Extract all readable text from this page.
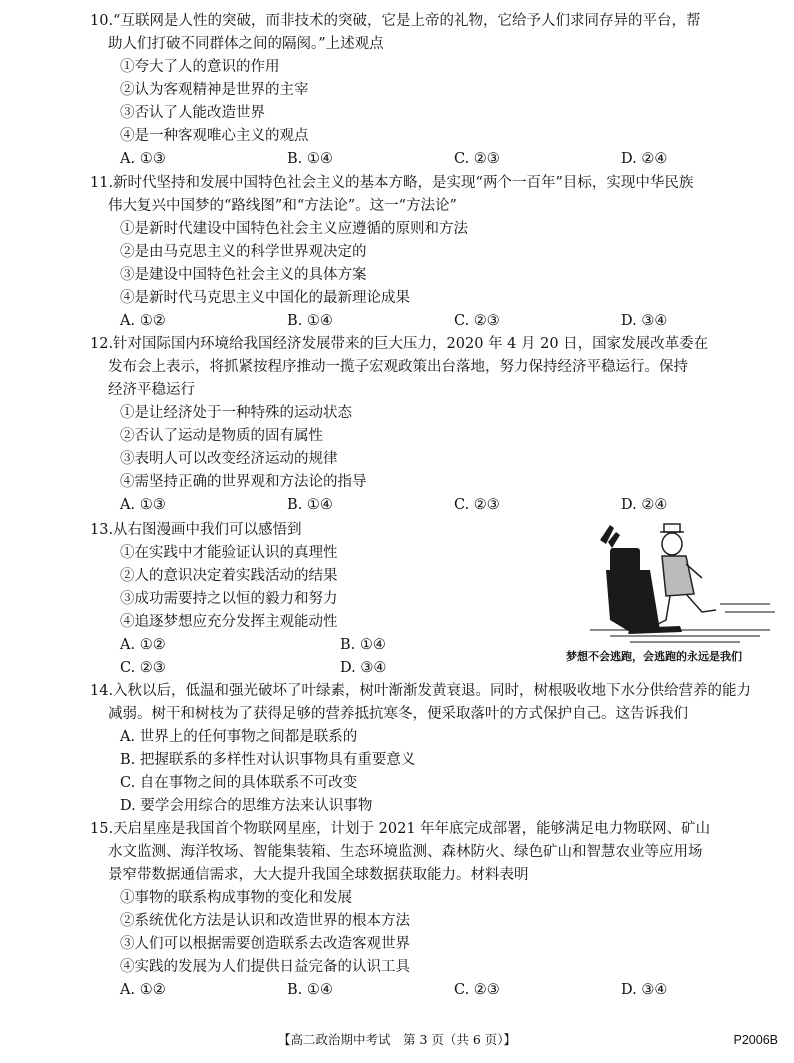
10.“互联网是人性的突破，而非技术的突破，它是上帝的礼物，它给予人们求同存异的平台，帮
助人们打破不同群体之间的隔阂。”上述观点
①夸大了人的意识的作用
②认为客观精神是世界的主宰
③否认了人能改造世界
④是一种客观唯心主义的观点
A. ①③	B. ①④	C. ②③	D. ②④
11.新时代坚持和发展中国特色社会主义的基本方略，是实现“两个一百年”目标，实现中华民族
伟大复兴中国梦的“路线图”和“方法论”。这一“方法论”
①是新时代建设中国特色社会主义应遵循的原则和方法
②是由马克思主义的科学世界观决定的
③是建设中国特色社会主义的具体方案
④是新时代马克思主义中国化的最新理论成果
A. ①②	B. ①④	C. ②③	D. ③④
12.针对国际国内环境给我国经济发展带来的巨大压力，2020 年 4 月 20 日，国家发展改革委在
发布会上表示，将抓紧按程序推动一揽子宏观政策出台落地，努力保持经济平稳运行。保持
经济平稳运行
①是让经济处于一种特殊的运动状态
②否认了运动是物质的固有属性
③表明人可以改变经济运动的规律
④需坚持正确的世界观和方法论的指导
A. ①③	B. ①④	C. ②③	D. ②④
13.从右图漫画中我们可以感悟到
①在实践中才能验证认识的真理性
②人的意识决定着实践活动的结果
③成功需要持之以恒的毅力和努力
④追逐梦想应充分发挥主观能动性
A. ①②	B. ①④
C. ②③	D. ③④
梦想不会逃跑，会逃跑的永远是我们
14.入秋以后，低温和强光破坏了叶绿素，树叶渐渐发黄衰退。同时，树根吸收地下水分供给营养的能力
减弱。树干和树枝为了获得足够的营养抵抗寒冬，便采取落叶的方式保护自己。这告诉我们
A. 世界上的任何事物之间都是联系的
B. 把握联系的多样性对认识事物具有重要意义
C. 自在事物之间的具体联系不可改变
D. 要学会用综合的思维方法来认识事物
15.天启星座是我国首个物联网星座，计划于 2021 年年底完成部署，能够满足电力物联网、矿山
水文监测、海洋牧场、智能集装箱、生态环境监测、森林防火、绿色矿山和智慧农业等应用场
景窄带数据通信需求，大大提升我国全球数据获取能力。材料表明
①事物的联系构成事物的变化和发展
②系统优化方法是认识和改造世界的根本方法
③人们可以根据需要创造联系去改造客观世界
④实践的发展为人们提供日益完备的认识工具
A. ①②	B. ①④	C. ②③	D. ③④
【高二政治期中考试　第 3 页（共 6 页）】	P2006B
